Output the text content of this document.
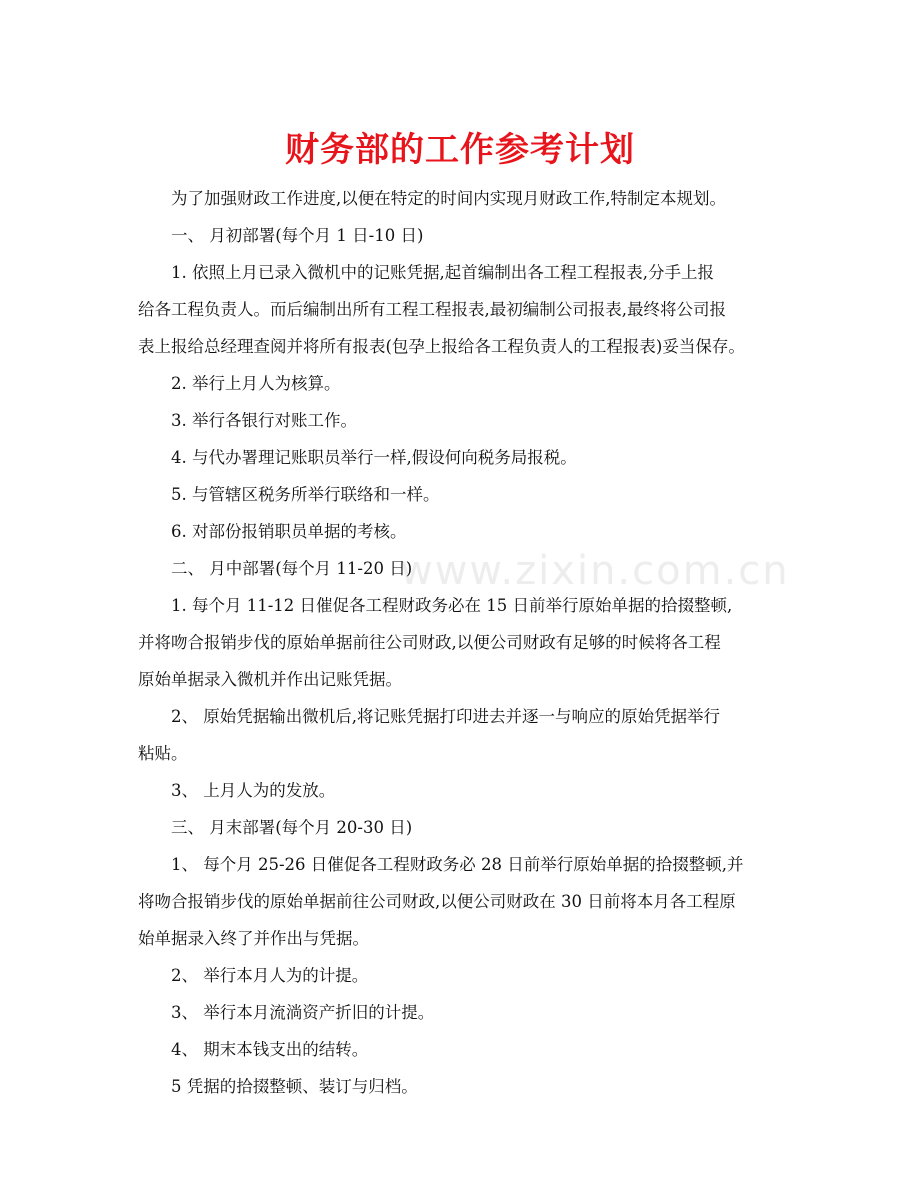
www.zixin.com.cn
财务部的工作参考计划

为了加强财政工作进度,以便在特定的时间内实现月财政工作,特制定本规划。

一、 月初部署(每个月 1 日-10 日)

1. 依照上月已录入微机中的记账凭据,起首编制出各工程工程报表,分手上报

给各工程负责人。而后编制出所有工程工程报表,最初编制公司报表,最终将公司报

表上报给总经理查阅并将所有报表(包孕上报给各工程负责人的工程报表)妥当保存。

2. 举行上月人为核算。

3. 举行各银行对账工作。

4. 与代办署理记账职员举行一样,假设何向税务局报税。

5. 与管辖区税务所举行联络和一样。

6. 对部份报销职员单据的考核。

二、 月中部署(每个月 11-20 日)

1. 每个月 11-12 日催促各工程财政务必在 15 日前举行原始单据的拾掇整顿,

并将吻合报销步伐的原始单据前往公司财政,以便公司财政有足够的时候将各工程

原始单据录入微机并作出记账凭据。

2、 原始凭据输出微机后,将记账凭据打印进去并逐一与响应的原始凭据举行

粘贴。

3、 上月人为的发放。

三、 月末部署(每个月 20-30 日)

1、 每个月 25-26 日催促各工程财政务必 28 日前举行原始单据的拾掇整顿,并

将吻合报销步伐的原始单据前往公司财政,以便公司财政在 30 日前将本月各工程原

始单据录入终了并作出与凭据。

2、 举行本月人为的计提。

3、 举行本月流淌资产折旧的计提。

4、 期末本钱支出的结转。

5 凭据的拾掇整顿、装订与归档。
